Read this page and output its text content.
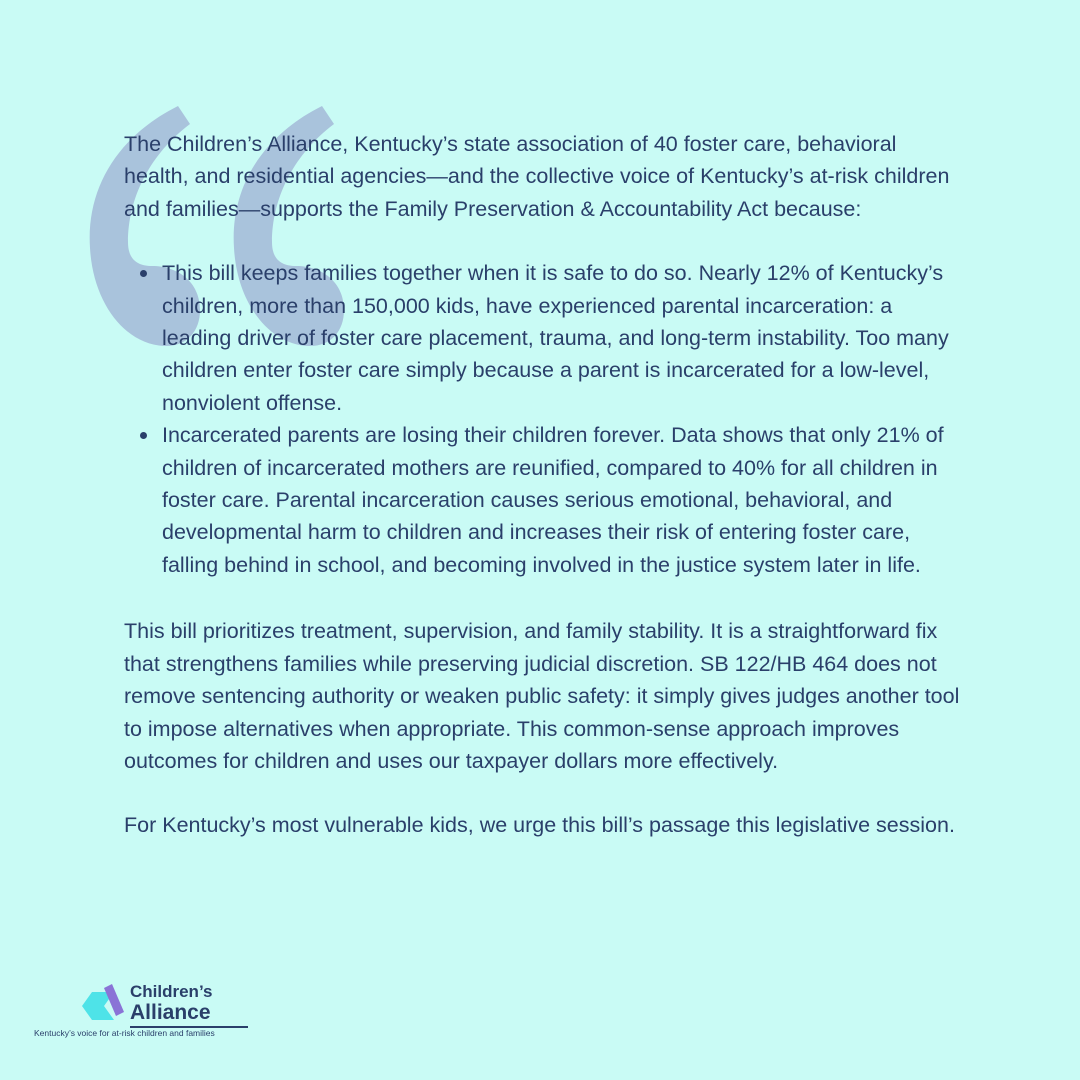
The Children’s Alliance, Kentucky’s state association of 40 foster care, behavioral health, and residential agencies—and the collective voice of Kentucky’s at-risk children and families—supports the Family Preservation & Accountability Act because:

This bill keeps families together when it is safe to do so. Nearly 12% of Kentucky’s children, more than 150,000 kids, have experienced parental incarceration: a leading driver of foster care placement, trauma, and long-term instability. Too many children enter foster care simply because a parent is incarcerated for a low-level, nonviolent offense.
Incarcerated parents are losing their children forever. Data shows that only 21% of children of incarcerated mothers are reunified, compared to 40% for all children in foster care. Parental incarceration causes serious emotional, behavioral, and developmental harm to children and increases their risk of entering foster care, falling behind in school, and becoming involved in the justice system later in life.

This bill prioritizes treatment, supervision, and family stability. It is a straightforward fix that strengthens families while preserving judicial discretion. SB 122/HB 464 does not remove sentencing authority or weaken public safety: it simply gives judges another tool to impose alternatives when appropriate. This common-sense approach improves outcomes for children and uses our taxpayer dollars more effectively.

For Kentucky’s most vulnerable kids, we urge this bill’s passage this legislative session.

Children’s
Alliance
Kentucky’s voice for at-risk children and families
